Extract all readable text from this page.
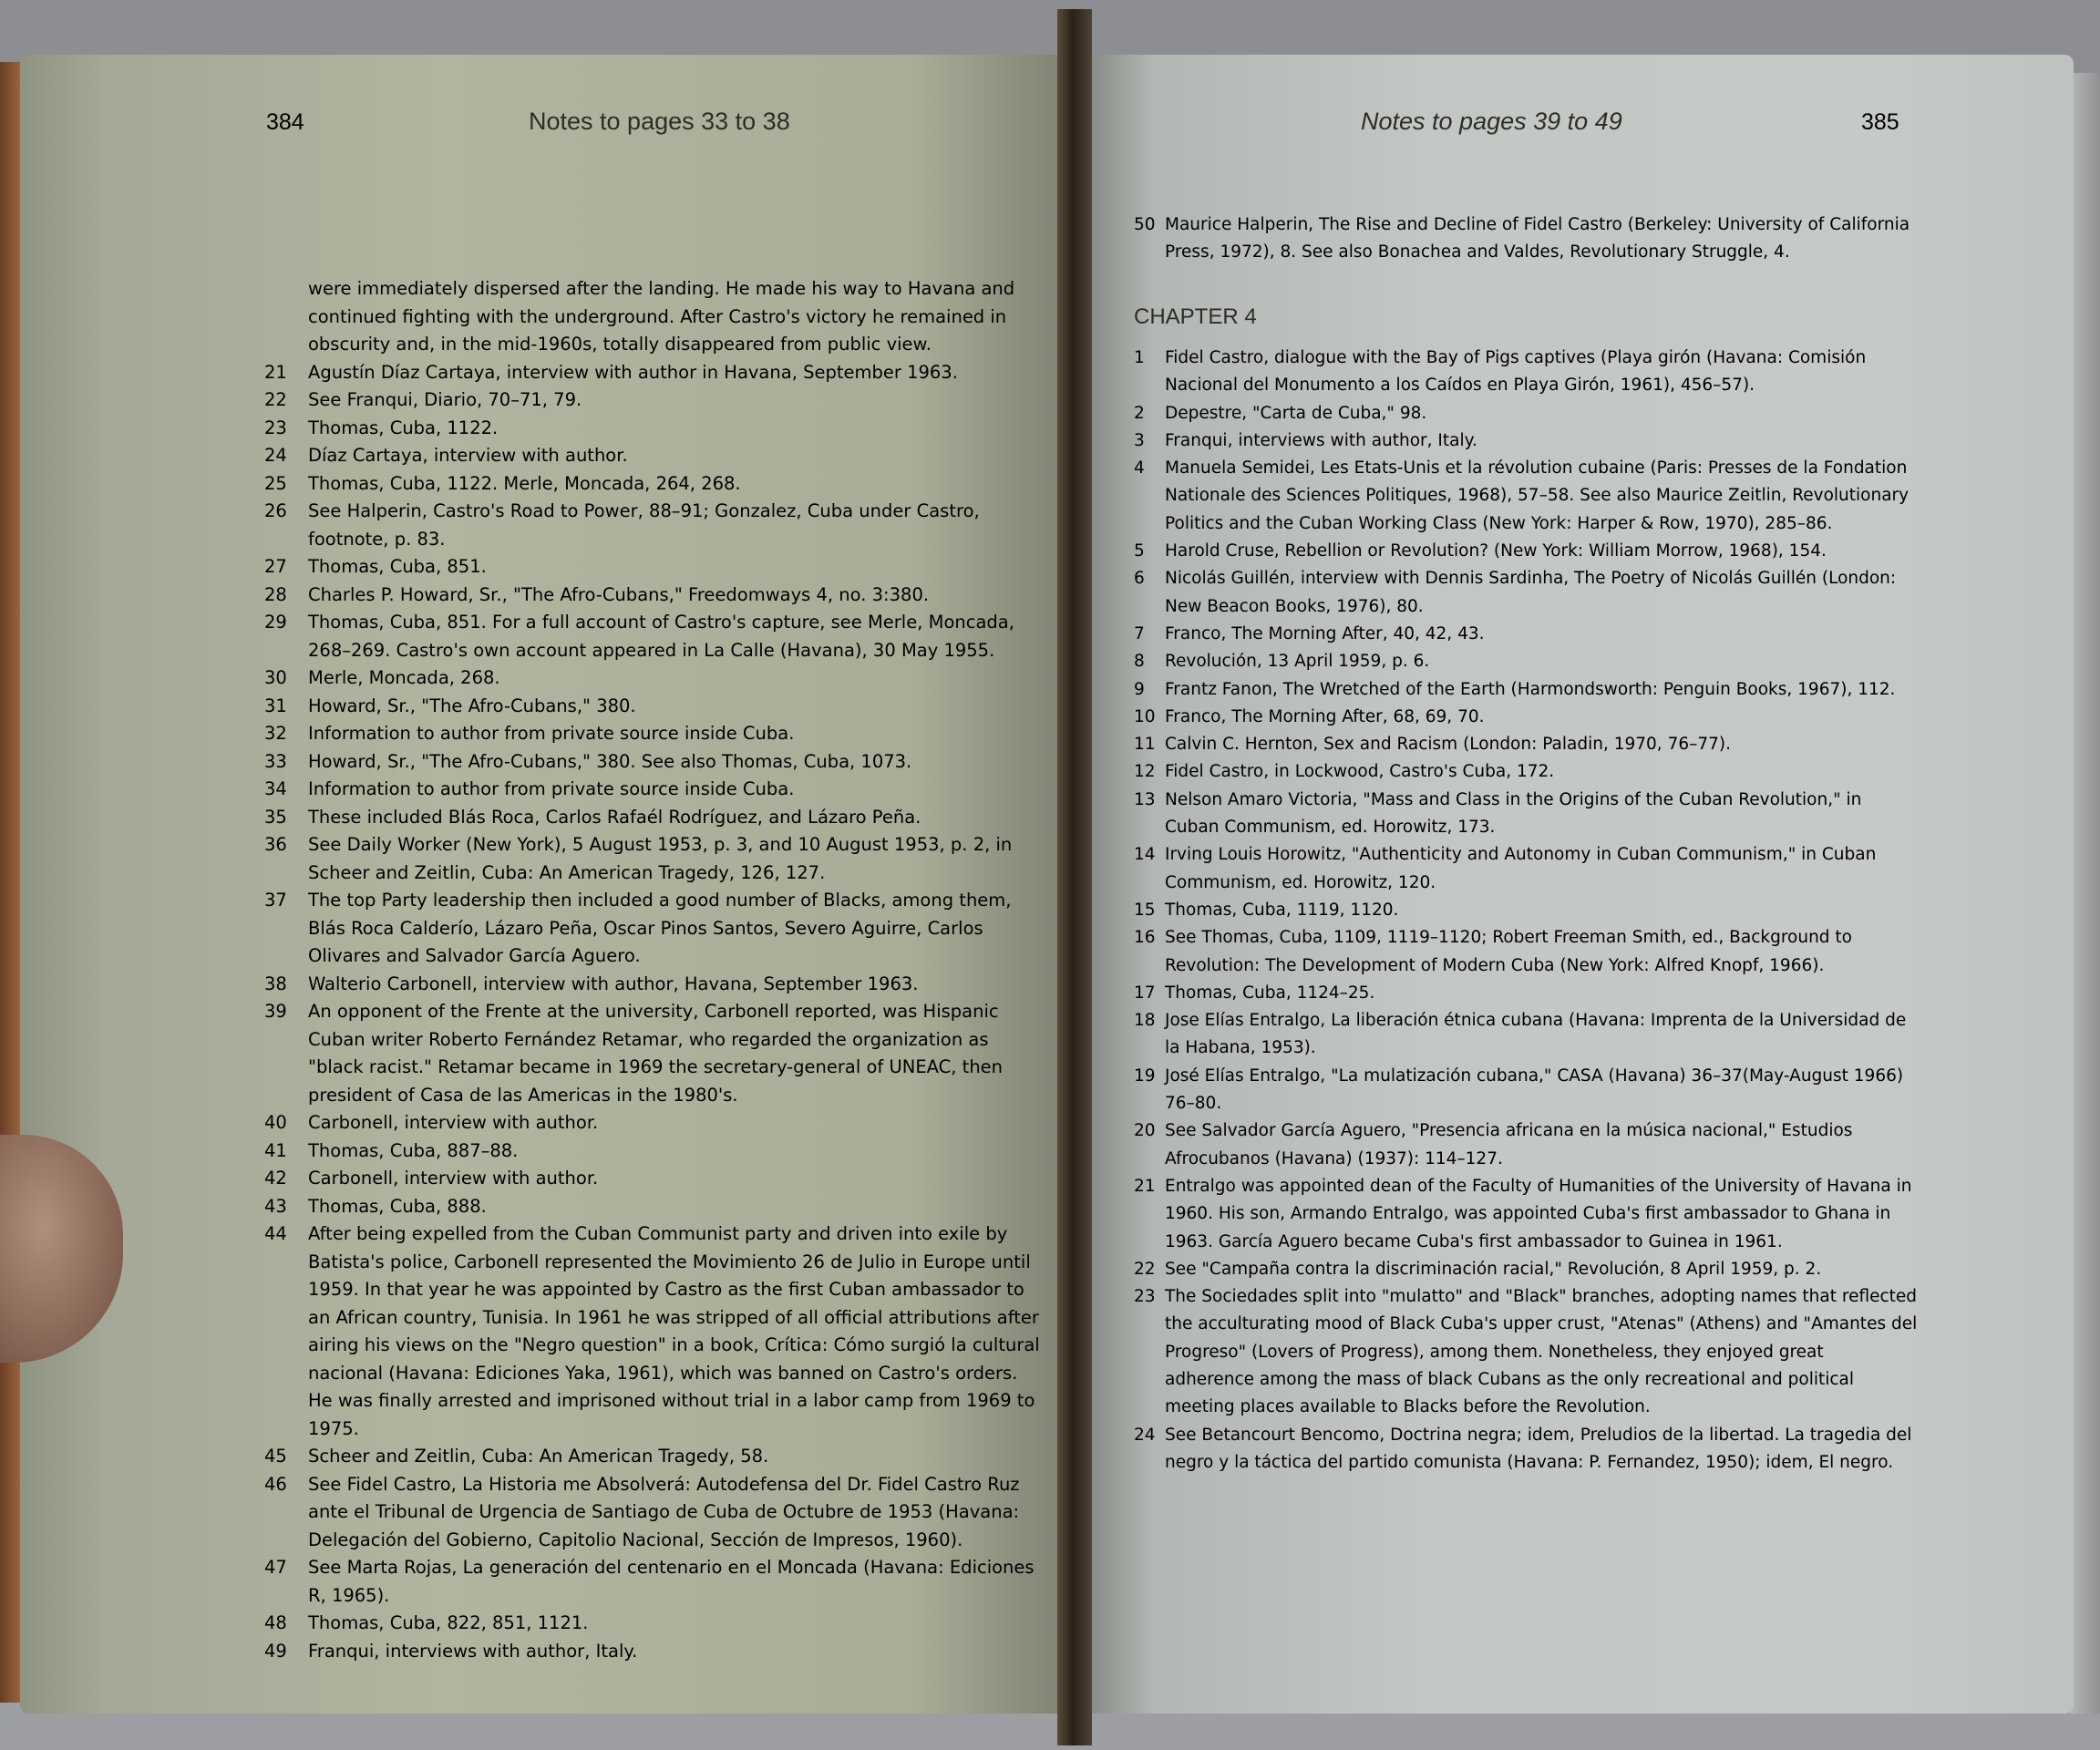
384	Notes to pages 33 to 38	Notes to pages 39 to 49	385
were immediately dispersed after the landing. He made his way to Havana and continued fighting with the underground. After Castro's victory he remained in obscurity and, in the mid-1960s, totally disappeared from public view.
21 Agustín Díaz Cartaya, interview with author in Havana, September 1963.
22 See Franqui, Diario, 70–71, 79.
23 Thomas, Cuba, 1122.
24 Díaz Cartaya, interview with author.
25 Thomas, Cuba, 1122. Merle, Moncada, 264, 268.
26 See Halperin, Castro's Road to Power, 88–91; Gonzalez, Cuba under Castro, footnote, p. 83.
27 Thomas, Cuba, 851.
28 Charles P. Howard, Sr., "The Afro-Cubans," Freedomways 4, no. 3:380.
29 Thomas, Cuba, 851. For a full account of Castro's capture, see Merle, Moncada, 268–269. Castro's own account appeared in La Calle (Havana), 30 May 1955.
30 Merle, Moncada, 268.
31 Howard, Sr., "The Afro-Cubans," 380.
32 Information to author from private source inside Cuba.
33 Howard, Sr., "The Afro-Cubans," 380. See also Thomas, Cuba, 1073.
34 Information to author from private source inside Cuba.
35 These included Blás Roca, Carlos Rafaél Rodríguez, and Lázaro Peña.
36 See Daily Worker (New York), 5 August 1953, p. 3, and 10 August 1953, p. 2, in Scheer and Zeitlin, Cuba: An American Tragedy, 126, 127.
37 The top Party leadership then included a good number of Blacks, among them, Blás Roca Calderío, Lázaro Peña, Oscar Pinos Santos, Severo Aguirre, Carlos Olivares and Salvador García Aguero.
38 Walterio Carbonell, interview with author, Havana, September 1963.
39 An opponent of the Frente at the university, Carbonell reported, was Hispanic Cuban writer Roberto Fernández Retamar, who regarded the organization as "black racist." Retamar became in 1969 the secretary-general of UNEAC, then president of Casa de las Americas in the 1980's.
40 Carbonell, interview with author.
41 Thomas, Cuba, 887–88.
42 Carbonell, interview with author.
43 Thomas, Cuba, 888.
44 After being expelled from the Cuban Communist party and driven into exile by Batista's police, Carbonell represented the Movimiento 26 de Julio in Europe until 1959. In that year he was appointed by Castro as the first Cuban ambassador to an African country, Tunisia. In 1961 he was stripped of all official attributions after airing his views on the "Negro question" in a book, Crítica: Cómo surgió la cultural nacional (Havana: Ediciones Yaka, 1961), which was banned on Castro's orders. He was finally arrested and imprisoned without trial in a labor camp from 1969 to 1975.
45 Scheer and Zeitlin, Cuba: An American Tragedy, 58.
46 See Fidel Castro, La Historia me Absolverá: Autodefensa del Dr. Fidel Castro Ruz ante el Tribunal de Urgencia de Santiago de Cuba de Octubre de 1953 (Havana: Delegación del Gobierno, Capitolio Nacional, Sección de Impresos, 1960).
47 See Marta Rojas, La generación del centenario en el Moncada (Havana: Ediciones R, 1965).
48 Thomas, Cuba, 822, 851, 1121.
49 Franqui, interviews with author, Italy.
50 Maurice Halperin, The Rise and Decline of Fidel Castro (Berkeley: University of California Press, 1972), 8. See also Bonachea and Valdes, Revolutionary Struggle, 4.
CHAPTER 4
1 Fidel Castro, dialogue with the Bay of Pigs captives (Playa girón (Havana: Comisión Nacional del Monumento a los Caídos en Playa Girón, 1961), 456–57).
2 Depestre, "Carta de Cuba," 98.
3 Franqui, interviews with author, Italy.
4 Manuela Semidei, Les Etats-Unis et la révolution cubaine (Paris: Presses de la Fondation Nationale des Sciences Politiques, 1968), 57–58. See also Maurice Zeitlin, Revolutionary Politics and the Cuban Working Class (New York: Harper & Row, 1970), 285–86.
5 Harold Cruse, Rebellion or Revolution? (New York: William Morrow, 1968), 154.
6 Nicolás Guillén, interview with Dennis Sardinha, The Poetry of Nicolás Guillén (London: New Beacon Books, 1976), 80.
7 Franco, The Morning After, 40, 42, 43.
8 Revolución, 13 April 1959, p. 6.
9 Frantz Fanon, The Wretched of the Earth (Harmondsworth: Penguin Books, 1967), 112.
10 Franco, The Morning After, 68, 69, 70.
11 Calvin C. Hernton, Sex and Racism (London: Paladin, 1970, 76–77).
12 Fidel Castro, in Lockwood, Castro's Cuba, 172.
13 Nelson Amaro Victoria, "Mass and Class in the Origins of the Cuban Revolution," in Cuban Communism, ed. Horowitz, 173.
14 Irving Louis Horowitz, "Authenticity and Autonomy in Cuban Communism," in Cuban Communism, ed. Horowitz, 120.
15 Thomas, Cuba, 1119, 1120.
16 See Thomas, Cuba, 1109, 1119–1120; Robert Freeman Smith, ed., Background to Revolution: The Development of Modern Cuba (New York: Alfred Knopf, 1966).
17 Thomas, Cuba, 1124–25.
18 Jose Elías Entralgo, La liberación étnica cubana (Havana: Imprenta de la Universidad de la Habana, 1953).
19 José Elías Entralgo, "La mulatización cubana," CASA (Havana) 36–37(May-August 1966) 76–80.
20 See Salvador García Aguero, "Presencia africana en la música nacional," Estudios Afrocubanos (Havana) (1937): 114–127.
21 Entralgo was appointed dean of the Faculty of Humanities of the University of Havana in 1960. His son, Armando Entralgo, was appointed Cuba's first ambassador to Ghana in 1963. García Aguero became Cuba's first ambassador to Guinea in 1961.
22 See "Campaña contra la discriminación racial," Revolución, 8 April 1959, p. 2.
23 The Sociedades split into "mulatto" and "Black" branches, adopting names that reflected the acculturating mood of Black Cuba's upper crust, "Atenas" (Athens) and "Amantes del Progreso" (Lovers of Progress), among them. Nonetheless, they enjoyed great adherence among the mass of black Cubans as the only recreational and political meeting places available to Blacks before the Revolution.
24 See Betancourt Bencomo, Doctrina negra; idem, Preludios de la libertad. La tragedia del negro y la táctica del partido comunista (Havana: P. Fernandez, 1950); idem, El negro.
